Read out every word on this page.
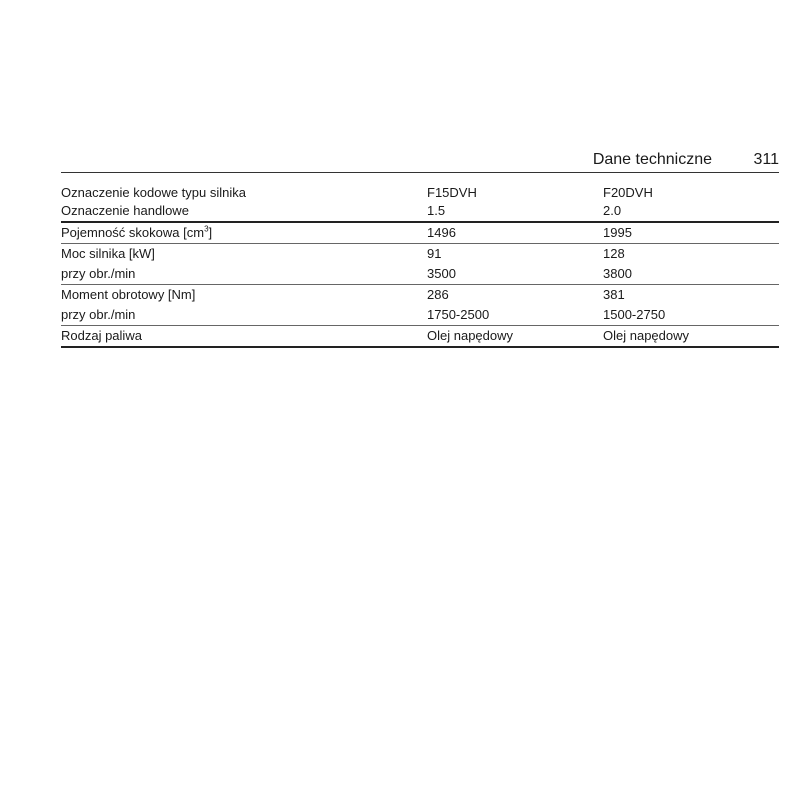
Dane techniczne	311
Oznaczenie kodowe typu silnika	F15DVH	F20DVH
Oznaczenie handlowe	1.5	2.0
Pojemność skokowa $[cm^3]$	1496	1995
Moc silnika [kW]	91	128
przy obr./min	3500	3800
Moment obrotowy [Nm]	286	381
przy obr./min	1750-2500	1500-2750
Rodzaj paliwa	Olej napędowy	Olej napędowy
